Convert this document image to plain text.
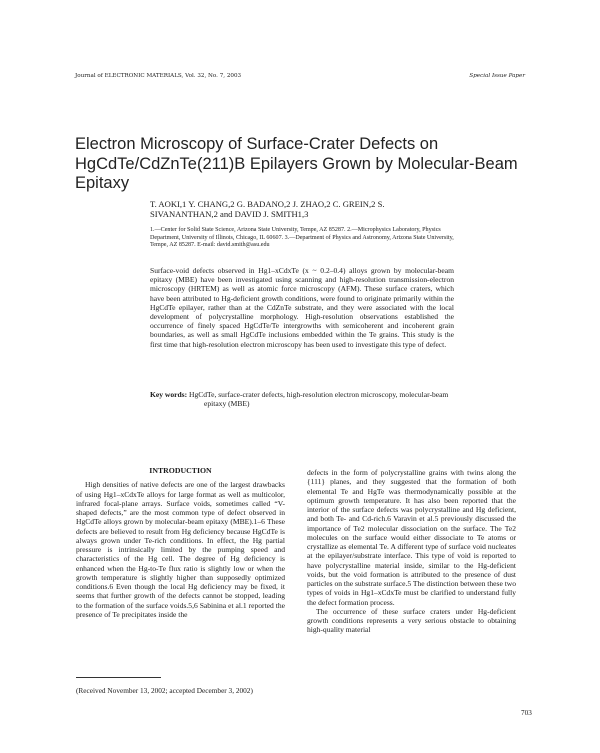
Journal of ELECTRONIC MATERIALS, Vol. 32, No. 7, 2003	Special Issue Paper
Electron Microscopy of Surface-Crater Defects on HgCdTe/CdZnTe(211)B Epilayers Grown by Molecular-Beam Epitaxy
T. AOKI,1 Y. CHANG,2 G. BADANO,2 J. ZHAO,2 C. GREIN,2 S. SIVANANTHAN,2 and DAVID J. SMITH1,3
1.—Center for Solid State Science, Arizona State University, Tempe, AZ 85287. 2.—Microphysics Laboratory, Physics Department, University of Illinois, Chicago, IL 60607. 3.—Department of Physics and Astronomy, Arizona State University, Tempe, AZ 85287. E-mail: david.smith@asu.edu
Surface-void defects observed in Hg1–xCdxTe (x ~ 0.2–0.4) alloys grown by molecular-beam epitaxy (MBE) have been investigated using scanning and high-resolution transmission-electron microscopy (HRTEM) as well as atomic force microscopy (AFM). These surface craters, which have been attributed to Hg-deficient growth conditions, were found to originate primarily within the HgCdTe epilayer, rather than at the CdZnTe substrate, and they were associated with the local development of polycrystalline morphology. High-resolution observations established the occurrence of finely spaced HgCdTe/Te intergrowths with semicoherent and incoherent grain boundaries, as well as small HgCdTe inclusions embedded within the Te grains. This study is the first time that high-resolution electron microscopy has been used to investigate this type of defect.
Key words: HgCdTe, surface-crater defects, high-resolution electron microscopy, molecular-beam epitaxy (MBE)
INTRODUCTION

High densities of native defects are one of the largest drawbacks of using Hg1–xCdxTe alloys for large format as well as multicolor, infrared focal-plane arrays. Surface voids, sometimes called “V-shaped defects,” are the most common type of defect observed in HgCdTe alloys grown by molecular-beam epitaxy (MBE).1–6 These defects are believed to result from Hg deficiency because HgCdTe is always grown under Te-rich conditions. In effect, the Hg partial pressure is intrinsically limited by the pumping speed and characteristics of the Hg cell. The degree of Hg deficiency is enhanced when the Hg-to-Te flux ratio is slightly low or when the growth temperature is slightly higher than supposedly optimized conditions.6 Even though the local Hg deficiency may be fixed, it seems that further growth of the defects cannot be stopped, leading to the formation of the surface voids.5,6 Sabinina et al.1 reported the presence of Te precipitates inside the

defects in the form of polycrystalline grains with twins along the {111} planes, and they suggested that the formation of both elemental Te and HgTe was thermodynamically possible at the optimum growth temperature. It has also been reported that the interior of the surface defects was polycrystalline and Hg deficient, and both Te- and Cd-rich.6 Varavin et al.5 previously discussed the importance of Te2 molecular dissociation on the surface. The Te2 molecules on the surface would either dissociate to Te atoms or crystallize as elemental Te. A different type of surface void nucleates at the epilayer/substrate interface. This type of void is reported to have polycrystalline material inside, similar to the Hg-deficient voids, but the void formation is attributed to the presence of dust particles on the substrate surface.5 The distinction between these two types of voids in Hg1–xCdxTe must be clarified to understand fully the defect formation process.

The occurrence of these surface craters under Hg-deficient growth conditions represents a very serious obstacle to obtaining high-quality material

(Received November 13, 2002; accepted December 3, 2002)
703
